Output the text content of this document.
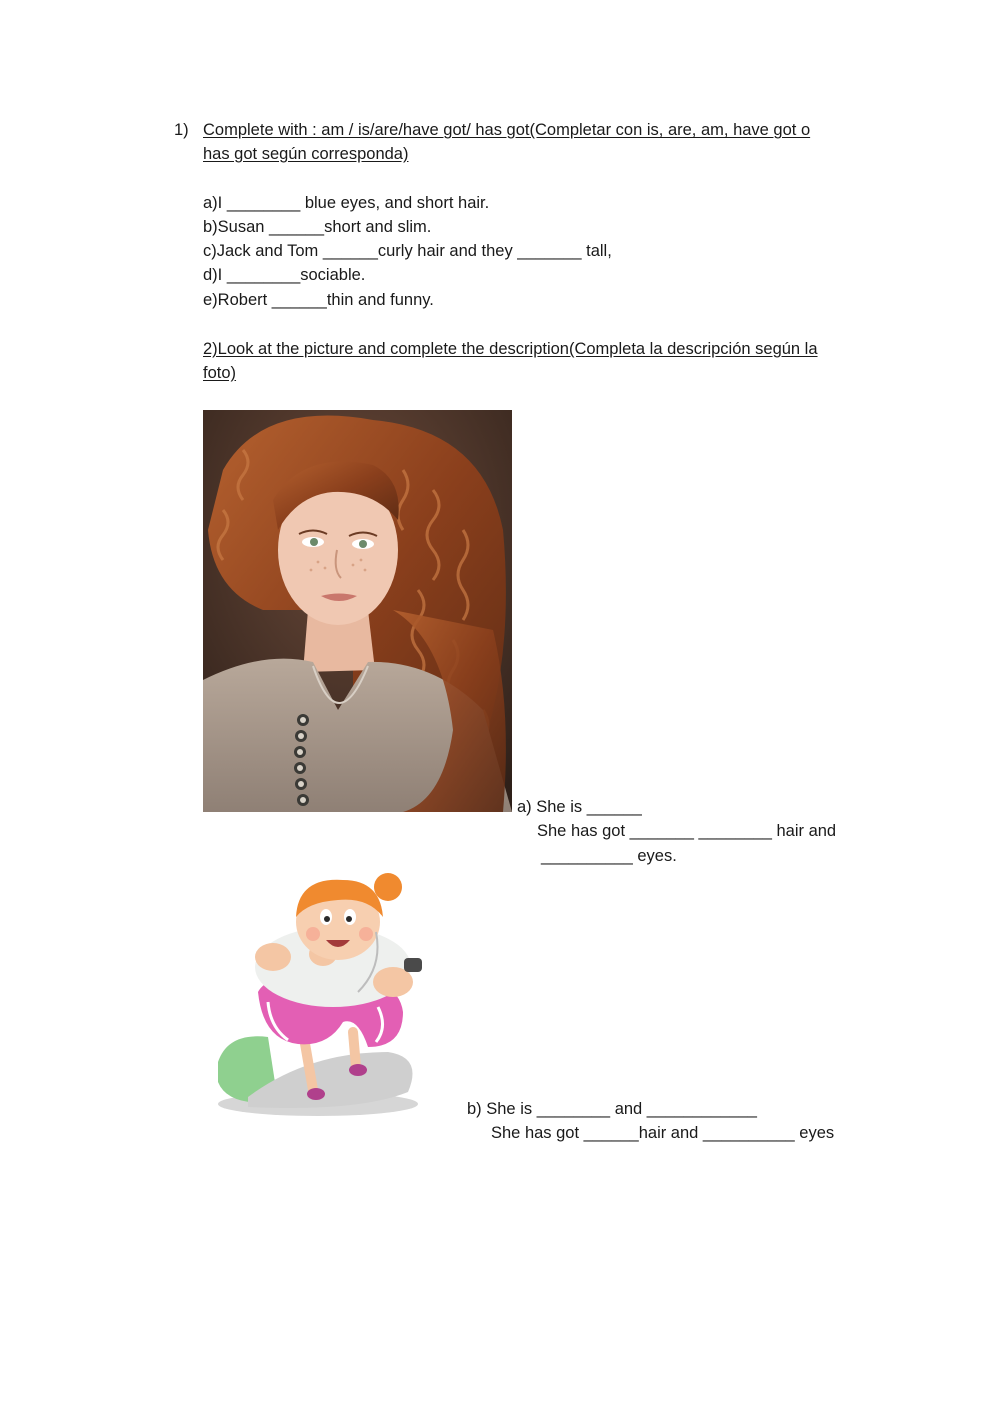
1) Complete with : am / is/are/have got/ has got(Completar con is, are, am, have got o
has got según corresponda)
a)I ________ blue eyes, and short hair.
b)Susan ______short and slim.
c)Jack and Tom ______curly hair and they _______ tall,
d)I ________sociable.
e)Robert ______thin and funny.
2)Look at the picture and complete the description(Completa la descripción según la
foto)
a) She is ______
She has got _______ ________ hair and
__________ eyes.
b) She is ________ and ____________
She has got ______hair and __________ eyes
